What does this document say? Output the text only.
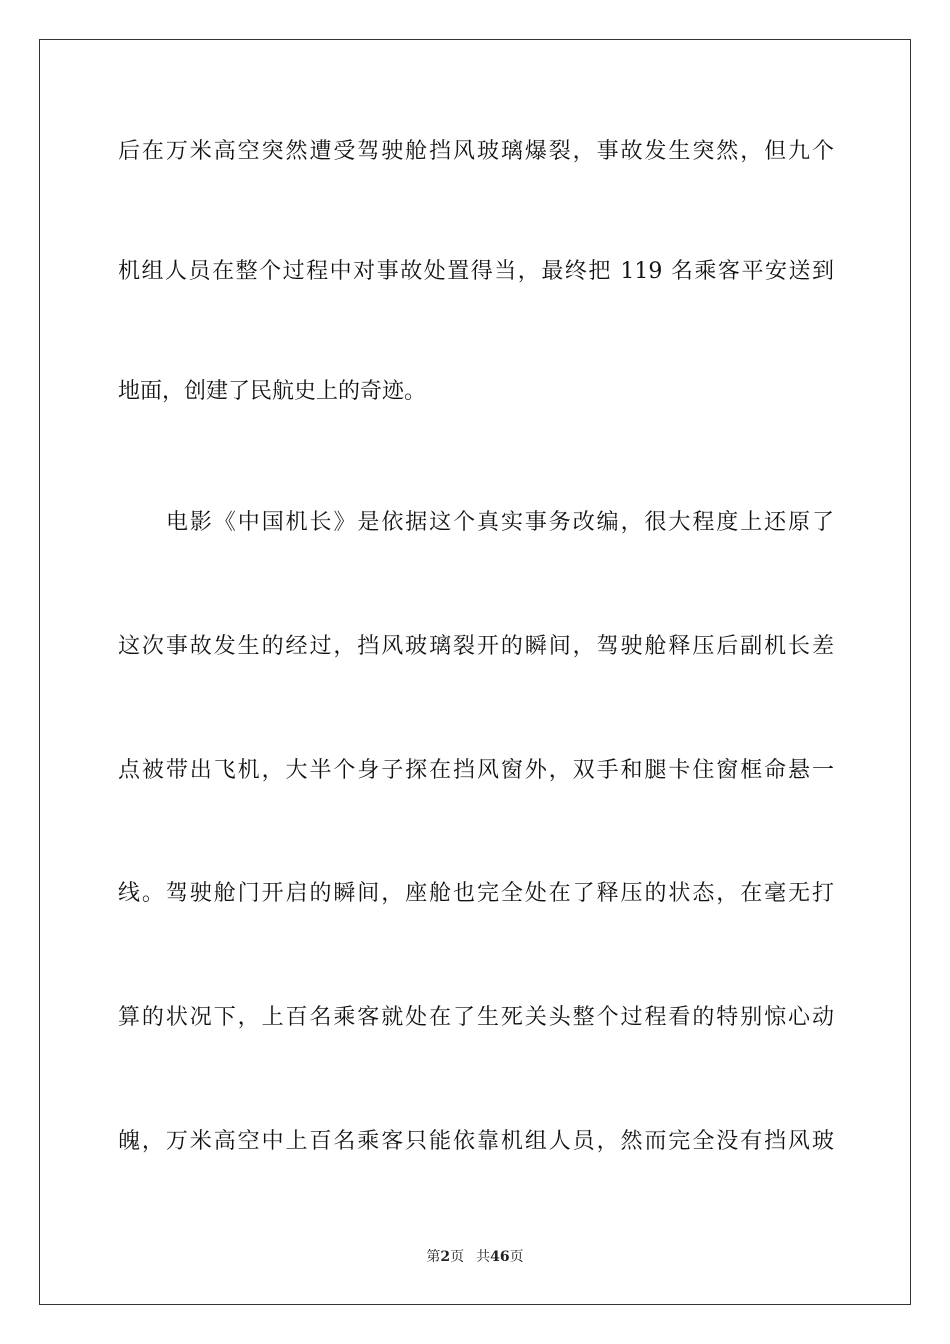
后在万米高空突然遭受驾驶舱挡风玻璃爆裂，事故发生突然，但九个
机组人员在整个过程中对事故处置得当，最终把 119 名乘客平安送到
地面，创建了民航史上的奇迹。
电影《中国机长》是依据这个真实事务改编，很大程度上还原了
这次事故发生的经过，挡风玻璃裂开的瞬间，驾驶舱释压后副机长差
点被带出飞机，大半个身子探在挡风窗外，双手和腿卡住窗框命悬一
线。驾驶舱门开启的瞬间，座舱也完全处在了释压的状态，在毫无打
算的状况下，上百名乘客就处在了生死关头整个过程看的特别惊心动
魄，万米高空中上百名乘客只能依靠机组人员，然而完全没有挡风玻
第2页 共46页
